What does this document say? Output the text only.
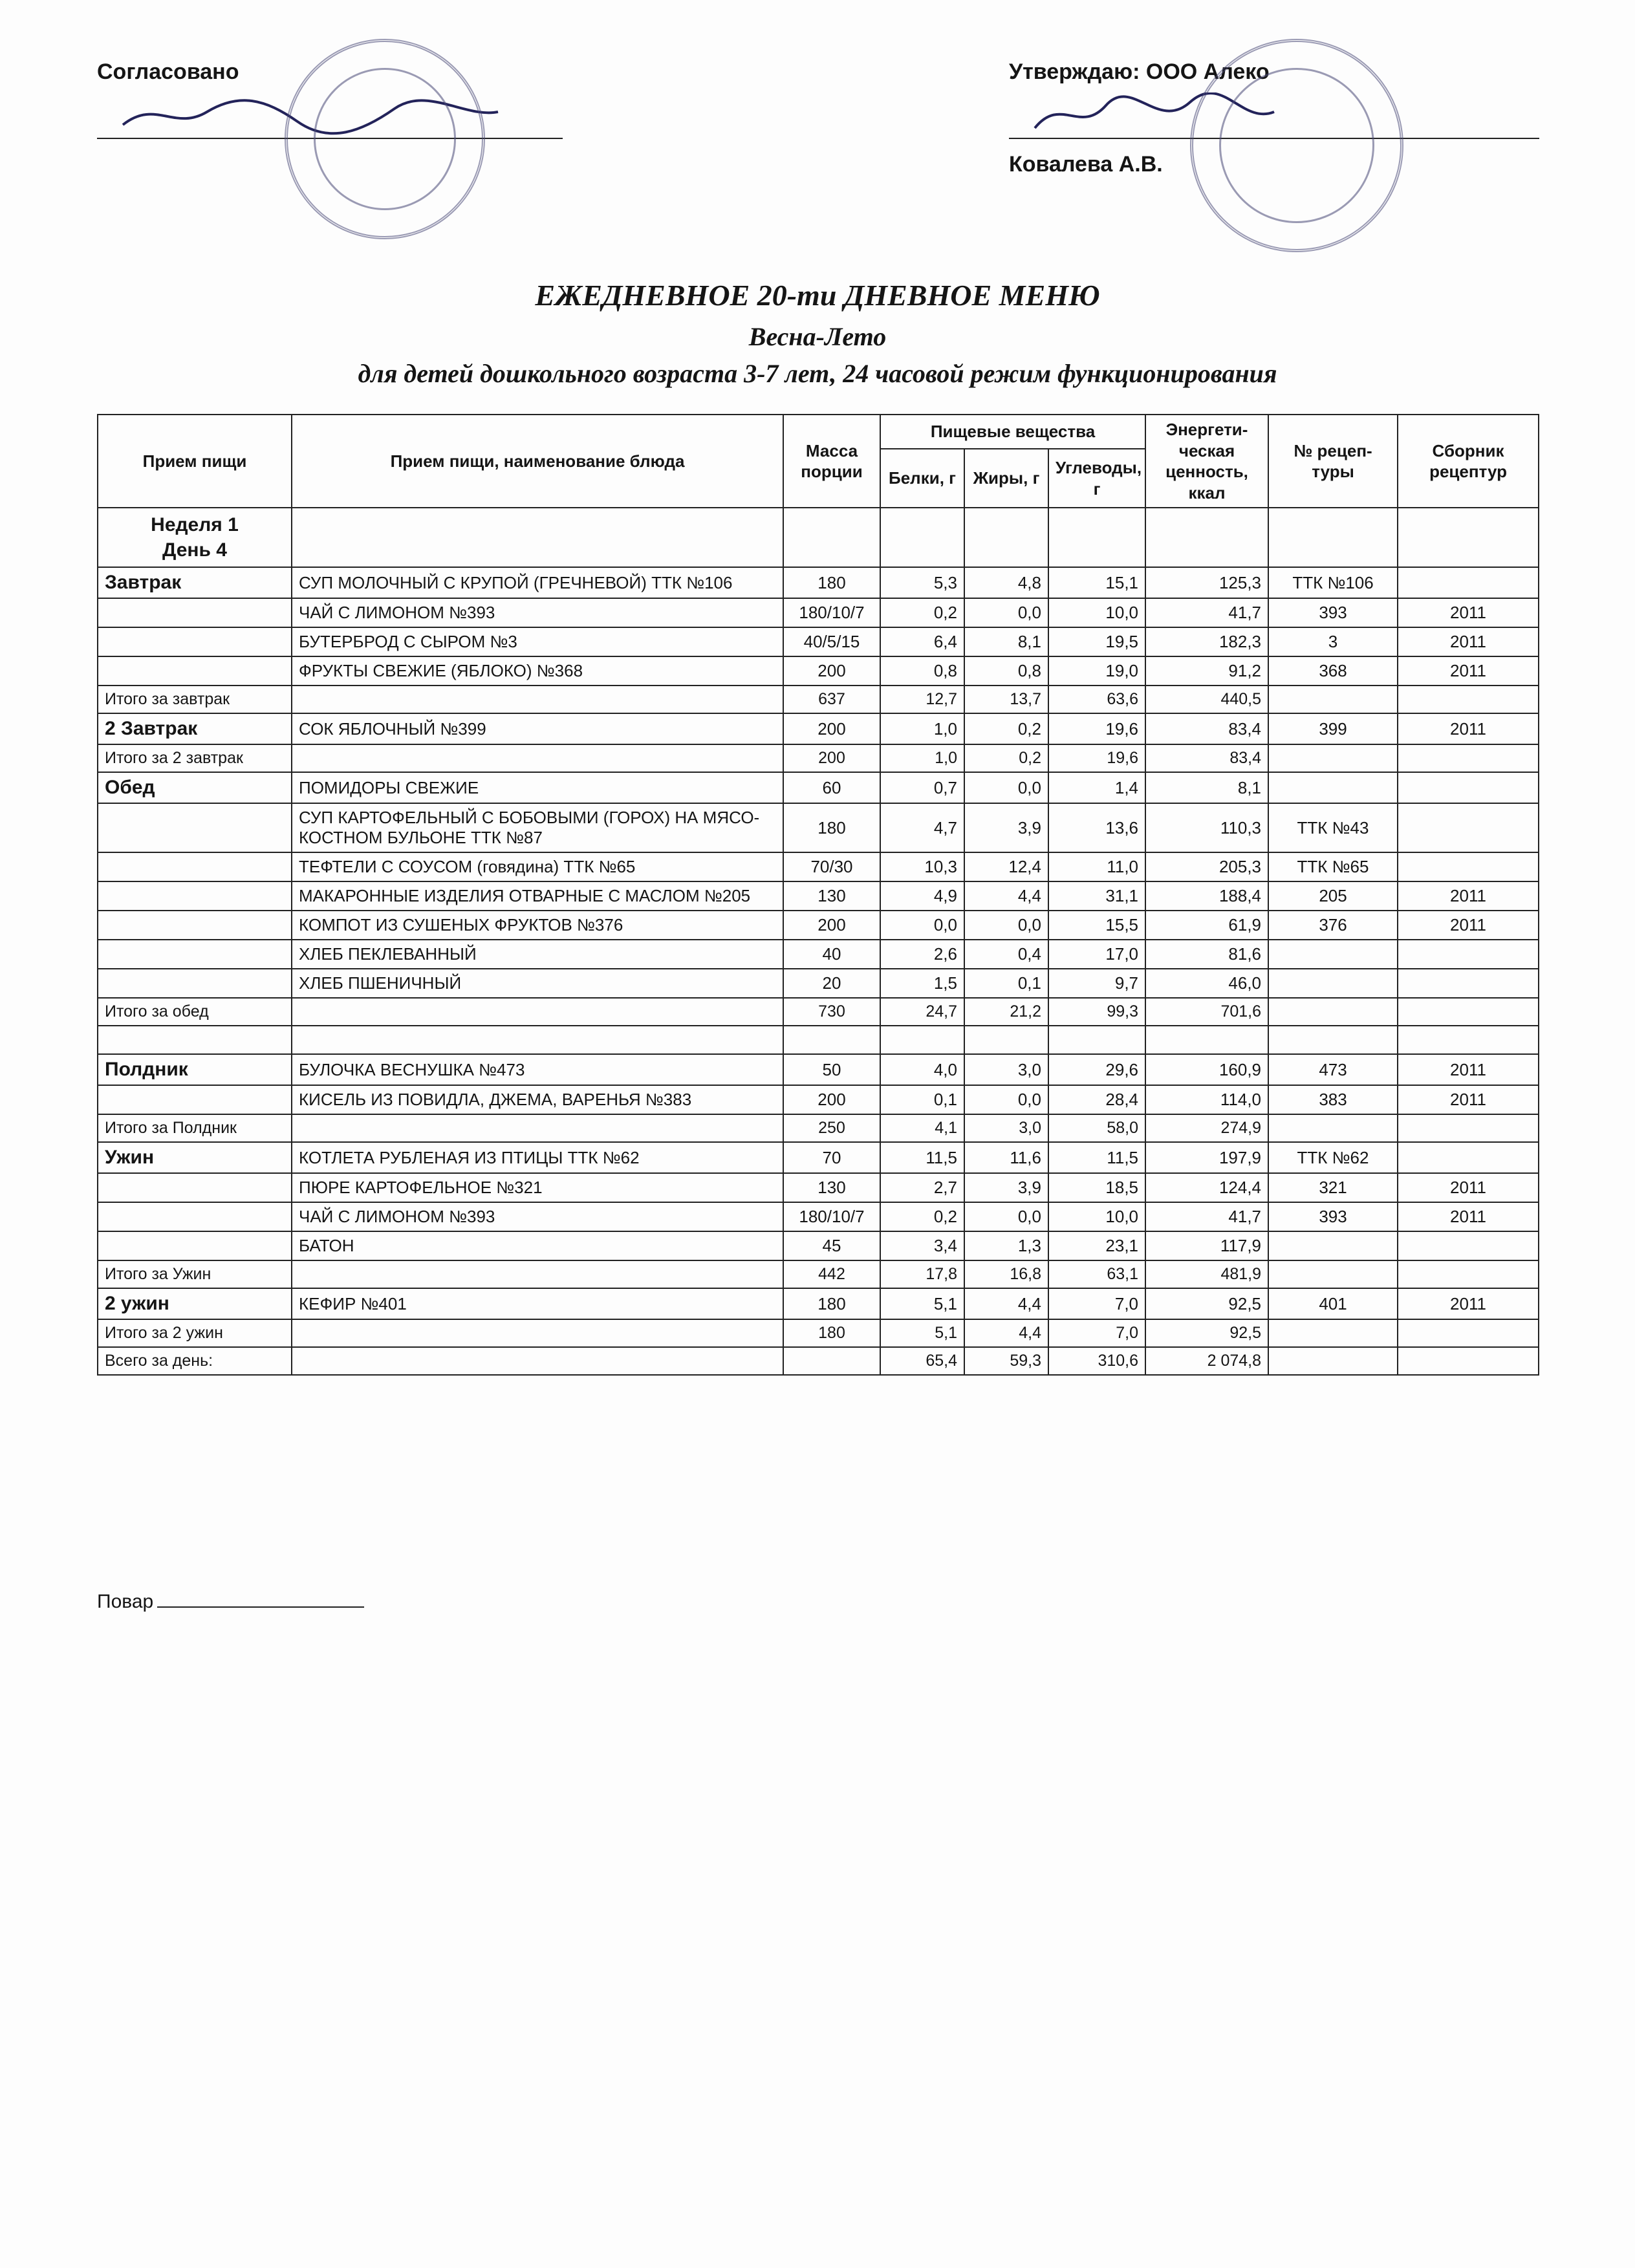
Согласовано	Утверждаю: ООО Алеко
Ковалева А.В.
ЕЖЕДНЕВНОЕ 20-ти ДНЕВНОЕ МЕНЮ
Весна-Лето
для детей дошкольного возраста 3-7 лет, 24 часовой режим функционирования
Прием пищи	Прием пищи, наименование блюда	Масса порции	Пищевые вещества			Энергети-ческая ценность, ккал	№ рецеп-туры	Сборник рецептур
			Белки, г	Жиры, г	Углеводы, г			

Неделя 1
День 4								

Завтрак	СУП МОЛОЧНЫЙ С КРУПОЙ (ГРЕЧНЕВОЙ) ТТК №106	180	5,3	4,8	15,1	125,3	ТТК №106	
	ЧАЙ С ЛИМОНОМ №393	180/10/7	0,2	0,0	10,0	41,7	393	2011
	БУТЕРБРОД С СЫРОМ №3	40/5/15	6,4	8,1	19,5	182,3	3	2011
	ФРУКТЫ СВЕЖИЕ (ЯБЛОКО) №368	200	0,8	0,8	19,0	91,2	368	2011
Итого за завтрак		637	12,7	13,7	63,6	440,5		
2 Завтрак	СОК ЯБЛОЧНЫЙ №399	200	1,0	0,2	19,6	83,4	399	2011
Итого за 2 завтрак		200	1,0	0,2	19,6	83,4		
Обед	ПОМИДОРЫ СВЕЖИЕ	60	0,7	0,0	1,4	8,1		
	СУП КАРТОФЕЛЬНЫЙ С БОБОВЫМИ (ГОРОХ) НА МЯСО-КОСТНОМ БУЛЬОНЕ ТТК №87	180	4,7	3,9	13,6	110,3	ТТК №43	
	ТЕФТЕЛИ С СОУСОМ (говядина) ТТК №65	70/30	10,3	12,4	11,0	205,3	ТТК №65	
	МАКАРОННЫЕ ИЗДЕЛИЯ ОТВАРНЫЕ С МАСЛОМ №205	130	4,9	4,4	31,1	188,4	205	2011
	КОМПОТ ИЗ СУШЕНЫХ ФРУКТОВ №376	200	0,0	0,0	15,5	61,9	376	2011
	ХЛЕБ ПЕКЛЕВАННЫЙ	40	2,6	0,4	17,0	81,6		
	ХЛЕБ ПШЕНИЧНЫЙ	20	1,5	0,1	9,7	46,0		
Итого за обед		730	24,7	21,2	99,3	701,6		

Полдник	БУЛОЧКА ВЕСНУШКА №473	50	4,0	3,0	29,6	160,9	473	2011
	КИСЕЛЬ ИЗ ПОВИДЛА, ДЖЕМА, ВАРЕНЬЯ №383	200	0,1	0,0	28,4	114,0	383	2011
Итого за Полдник		250	4,1	3,0	58,0	274,9		
Ужин	КОТЛЕТА РУБЛЕНАЯ ИЗ ПТИЦЫ ТТК №62	70	11,5	11,6	11,5	197,9	ТТК №62	
	ПЮРЕ КАРТОФЕЛЬНОЕ №321	130	2,7	3,9	18,5	124,4	321	2011
	ЧАЙ С ЛИМОНОМ №393	180/10/7	0,2	0,0	10,0	41,7	393	2011
	БАТОН	45	3,4	1,3	23,1	117,9		
Итого за Ужин		442	17,8	16,8	63,1	481,9		
2 ужин	КЕФИР №401	180	5,1	4,4	7,0	92,5	401	2011
Итого за 2 ужин		180	5,1	4,4	7,0	92,5		
Всего за день:			65,4	59,3	310,6	2 074,8		
Повар
